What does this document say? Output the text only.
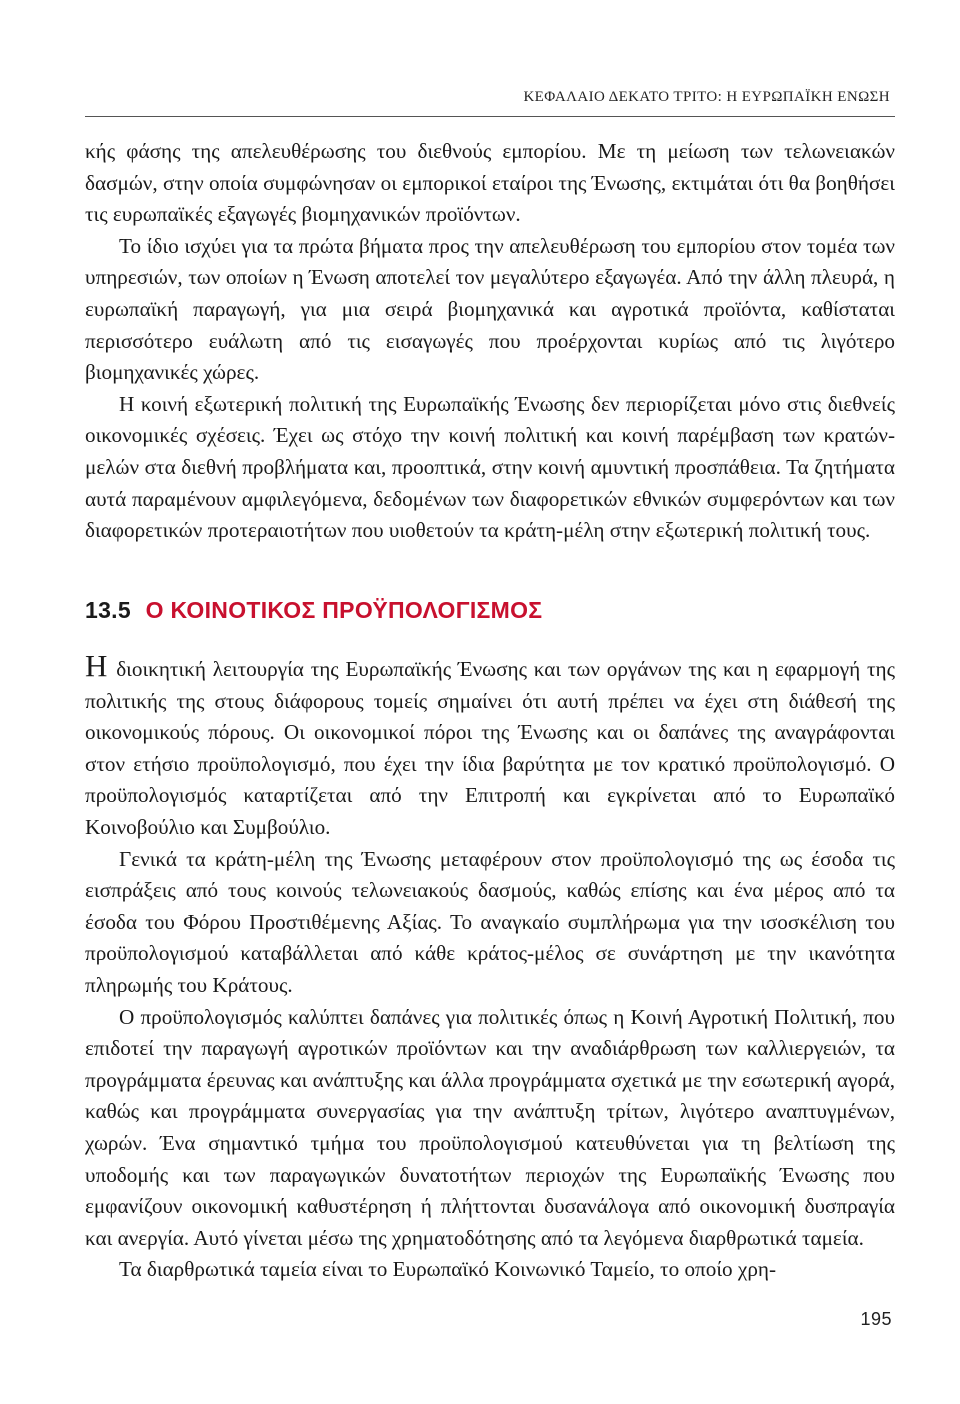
ΚΕΦΑΛΑΙΟ ΔΕΚΑΤΟ ΤΡΙΤΟ: Η ΕΥΡΩΠΑΪΚΗ ΕΝΩΣΗ

κής φάσης της απελευθέρωσης του διεθνούς εμπορίου. Με τη μείωση των τελωνειακών δασμών, στην οποία συμφώνησαν οι εμπορικοί εταίροι της Ένωσης, εκτιμάται ότι θα βοηθήσει τις ευρωπαϊκές εξαγωγές βιομηχανικών προϊόντων.

Το ίδιο ισχύει για τα πρώτα βήματα προς την απελευθέρωση του εμπορίου στον τομέα των υπηρεσιών, των οποίων η Ένωση αποτελεί τον μεγαλύτερο εξαγωγέα. Από την άλλη πλευρά, η ευρωπαϊκή παραγωγή, για μια σειρά βιομηχανικά και αγροτικά προϊόντα, καθίσταται περισσότερο ευάλωτη από τις εισαγωγές που προέρχονται κυρίως από τις λιγότερο βιομηχανικές χώρες.

Η κοινή εξωτερική πολιτική της Ευρωπαϊκής Ένωσης δεν περιορίζεται μόνο στις διεθνείς οικονομικές σχέσεις. Έχει ως στόχο την κοινή πολιτική και κοινή παρέμβαση των κρατών-μελών στα διεθνή προβλήματα και, προοπτικά, στην κοινή αμυντική προσπάθεια. Τα ζητήματα αυτά παραμένουν αμφιλεγόμενα, δεδομένων των διαφορετικών εθνικών συμφερόντων και των διαφορετικών προτεραιοτήτων που υιοθετούν τα κράτη-μέλη στην εξωτερική πολιτική τους.

13.5 Ο ΚΟΙΝΟΤΙΚΟΣ ΠΡΟΫΠΟΛΟΓΙΣΜΟΣ

Η διοικητική λειτουργία της Ευρωπαϊκής Ένωσης και των οργάνων της και η εφαρμογή της πολιτικής της στους διάφορους τομείς σημαίνει ότι αυτή πρέπει να έχει στη διάθεσή της οικονομικούς πόρους. Οι οικονομικοί πόροι της Ένωσης και οι δαπάνες της αναγράφονται στον ετήσιο προϋπολογισμό, που έχει την ίδια βαρύτητα με τον κρατικό προϋπολογισμό. Ο προϋπολογισμός καταρτίζεται από την Επιτροπή και εγκρίνεται από το Ευρωπαϊκό Κοινοβούλιο και Συμβούλιο.

Γενικά τα κράτη-μέλη της Ένωσης μεταφέρουν στον προϋπολογισμό της ως έσοδα τις εισπράξεις από τους κοινούς τελωνειακούς δασμούς, καθώς επίσης και ένα μέρος από τα έσοδα του Φόρου Προστιθέμενης Αξίας. Το αναγκαίο συμπλήρωμα για την ισοσκέλιση του προϋπολογισμού καταβάλλεται από κάθε κράτος-μέλος σε συνάρτηση με την ικανότητα πληρωμής του Κράτους.

Ο προϋπολογισμός καλύπτει δαπάνες για πολιτικές όπως η Κοινή Αγροτική Πολιτική, που επιδοτεί την παραγωγή αγροτικών προϊόντων και την αναδιάρθρωση των καλλιεργειών, τα προγράμματα έρευνας και ανάπτυξης και άλλα προγράμματα σχετικά με την εσωτερική αγορά, καθώς και προγράμματα συνεργασίας για την ανάπτυξη τρίτων, λιγότερο αναπτυγμένων, χωρών. Ένα σημαντικό τμήμα του προϋπολογισμού κατευθύνεται για τη βελτίωση της υποδομής και των παραγωγικών δυνατοτήτων περιοχών της Ευρωπαϊκής Ένωσης που εμφανίζουν οικονομική καθυστέρηση ή πλήττονται δυσανάλογα από οικονομική δυσπραγία και ανεργία. Αυτό γίνεται μέσω της χρηματοδότησης από τα λεγόμενα διαρθρωτικά ταμεία.

Τα διαρθρωτικά ταμεία είναι το Ευρωπαϊκό Κοινωνικό Ταμείο, το οποίο χρη-

195
